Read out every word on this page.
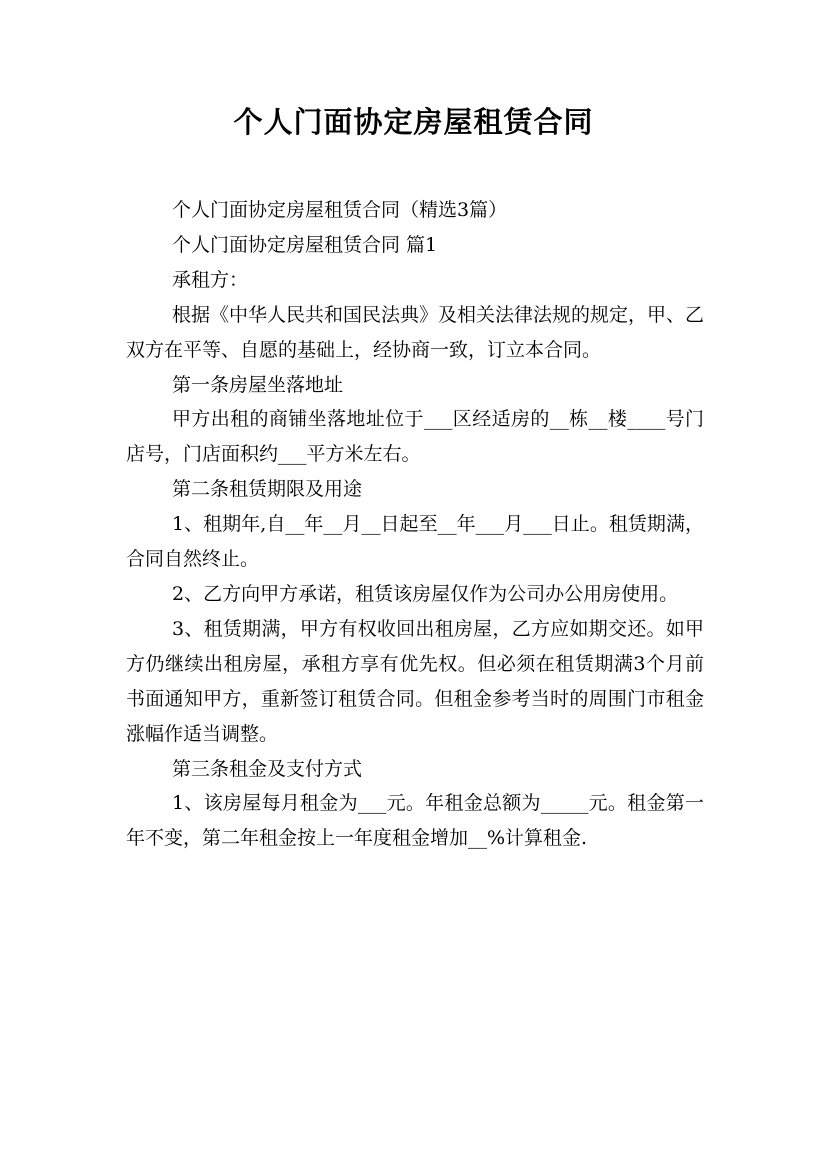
个人门面协定房屋租赁合同

个人门面协定房屋租赁合同（精选3篇）

个人门面协定房屋租赁合同 篇1

承租方：

根据《中华人民共和国民法典》及相关法律法规的规定，甲、乙双方在平等、自愿的基础上，经协商一致，订立本合同。

第一条房屋坐落地址

甲方出租的商铺坐落地址位于___区经适房的__栋__楼____号门店号，门店面积约___平方米左右。

第二条租赁期限及用途

1、租期年,自__年__月__日起至__年___月___日止。租赁期满，合同自然终止。

2、乙方向甲方承诺，租赁该房屋仅作为公司办公用房使用。

3、租赁期满，甲方有权收回出租房屋，乙方应如期交还。如甲方仍继续出租房屋，承租方享有优先权。但必须在租赁期满3个月前书面通知甲方，重新签订租赁合同。但租金参考当时的周围门市租金涨幅作适当调整。

第三条租金及支付方式

1、该房屋每月租金为___元。年租金总额为_____元。租金第一年不变，第二年租金按上一年度租金增加__%计算租金.
